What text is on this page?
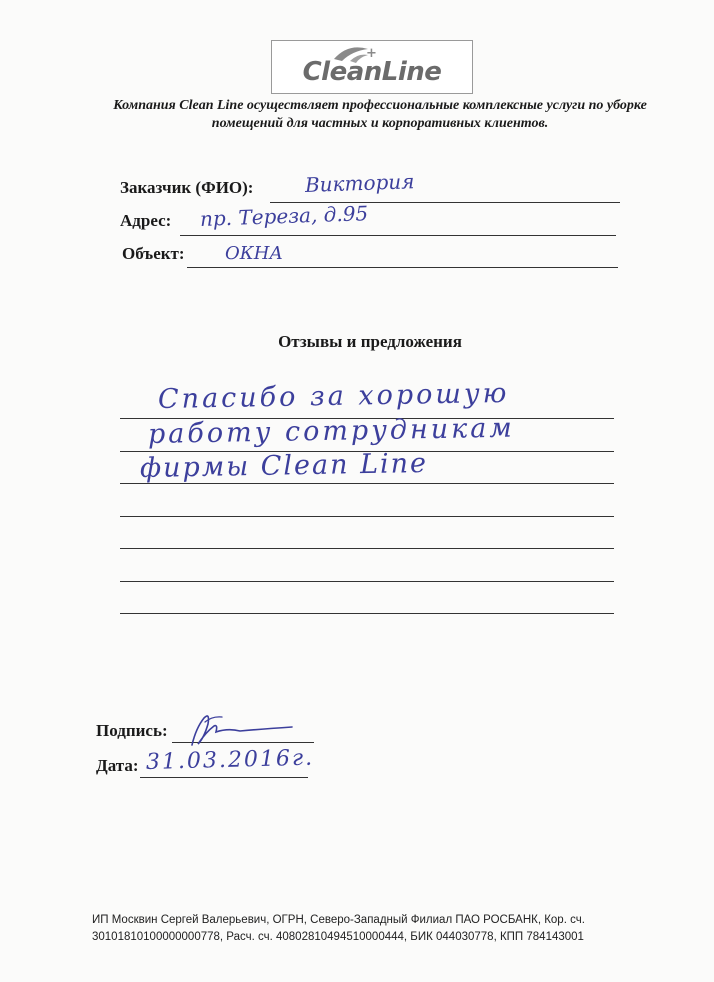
+
CleanLine
Компания Clean Line осуществляет профессиональные комплексные услуги по уборке
помещений для частных и корпоративных клиентов.
Заказчик (ФИО):	Виктория
Адрес: пр. Тереза, д.95
Объект: ОКНА
Отзывы и предложения
Спасибо за хорошую
работу сотрудникам
фирмы Clean Line
Подпись:
Дата: 31.03.2016г.
ИП Москвин Сергей Валерьевич, ОГРН, Северо-Западный Филиал ПАО РОСБАНК, Кор. сч.
30101810100000000778, Расч. сч. 40802810494510000444, БИК 044030778, КПП 784143001
